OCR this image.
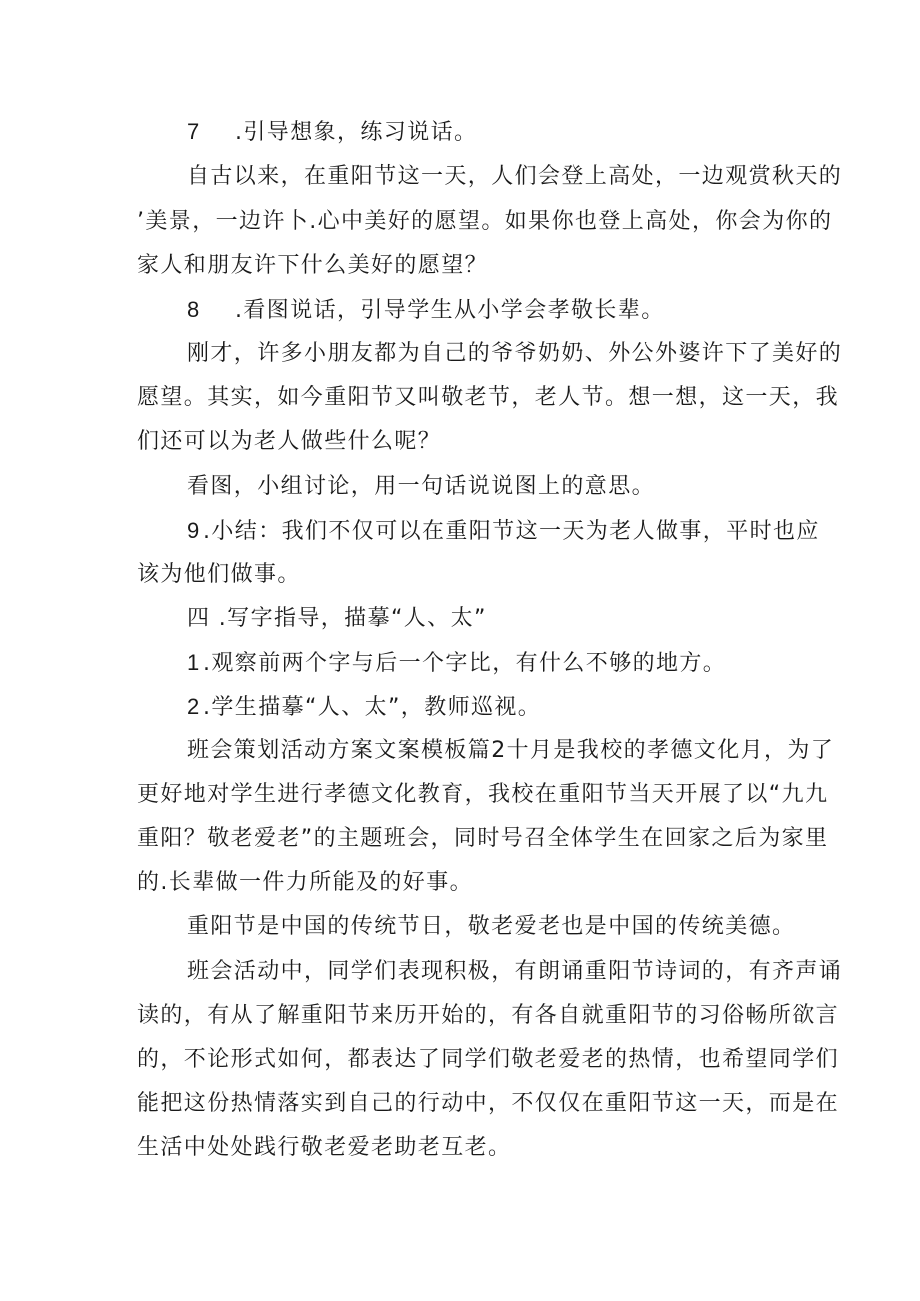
7 .引导想象，练习说话。
自古以来，在重阳节这一天，人们会登上高处，一边观赏秋天的
’美景，一边许卜.心中美好的愿望。如果你也登上高处，你会为你的
家人和朋友许下什么美好的愿望？
8 .看图说话，引导学生从小学会孝敬长辈。
刚才，许多小朋友都为自己的爷爷奶奶、外公外婆许下了美好的
愿望。其实，如今重阳节又叫敬老节，老人节。想一想，这一天，我
们还可以为老人做些什么呢？
看图，小组讨论，用一句话说说图上的意思。
9 .小结：我们不仅可以在重阳节这一天为老人做事，平时也应
该为他们做事。
四 .写字指导，描摹“人、太”
1 .观察前两个字与后一个字比，有什么不够的地方。
2 .学生描摹“人、太”，教师巡视。
班会策划活动方案文案模板篇2十月是我校的孝德文化月，为了
更好地对学生进行孝德文化教育，我校在重阳节当天开展了以“九九
重阳？敬老爱老”的主题班会，同时号召全体学生在回家之后为家里
的.长辈做一件力所能及的好事。
重阳节是中国的传统节日，敬老爱老也是中国的传统美德。
班会活动中，同学们表现积极，有朗诵重阳节诗词的，有齐声诵
读的，有从了解重阳节来历开始的，有各自就重阳节的习俗畅所欲言
的，不论形式如何，都表达了同学们敬老爱老的热情，也希望同学们
能把这份热情落实到自己的行动中，不仅仅在重阳节这一天，而是在
生活中处处践行敬老爱老助老互老。
